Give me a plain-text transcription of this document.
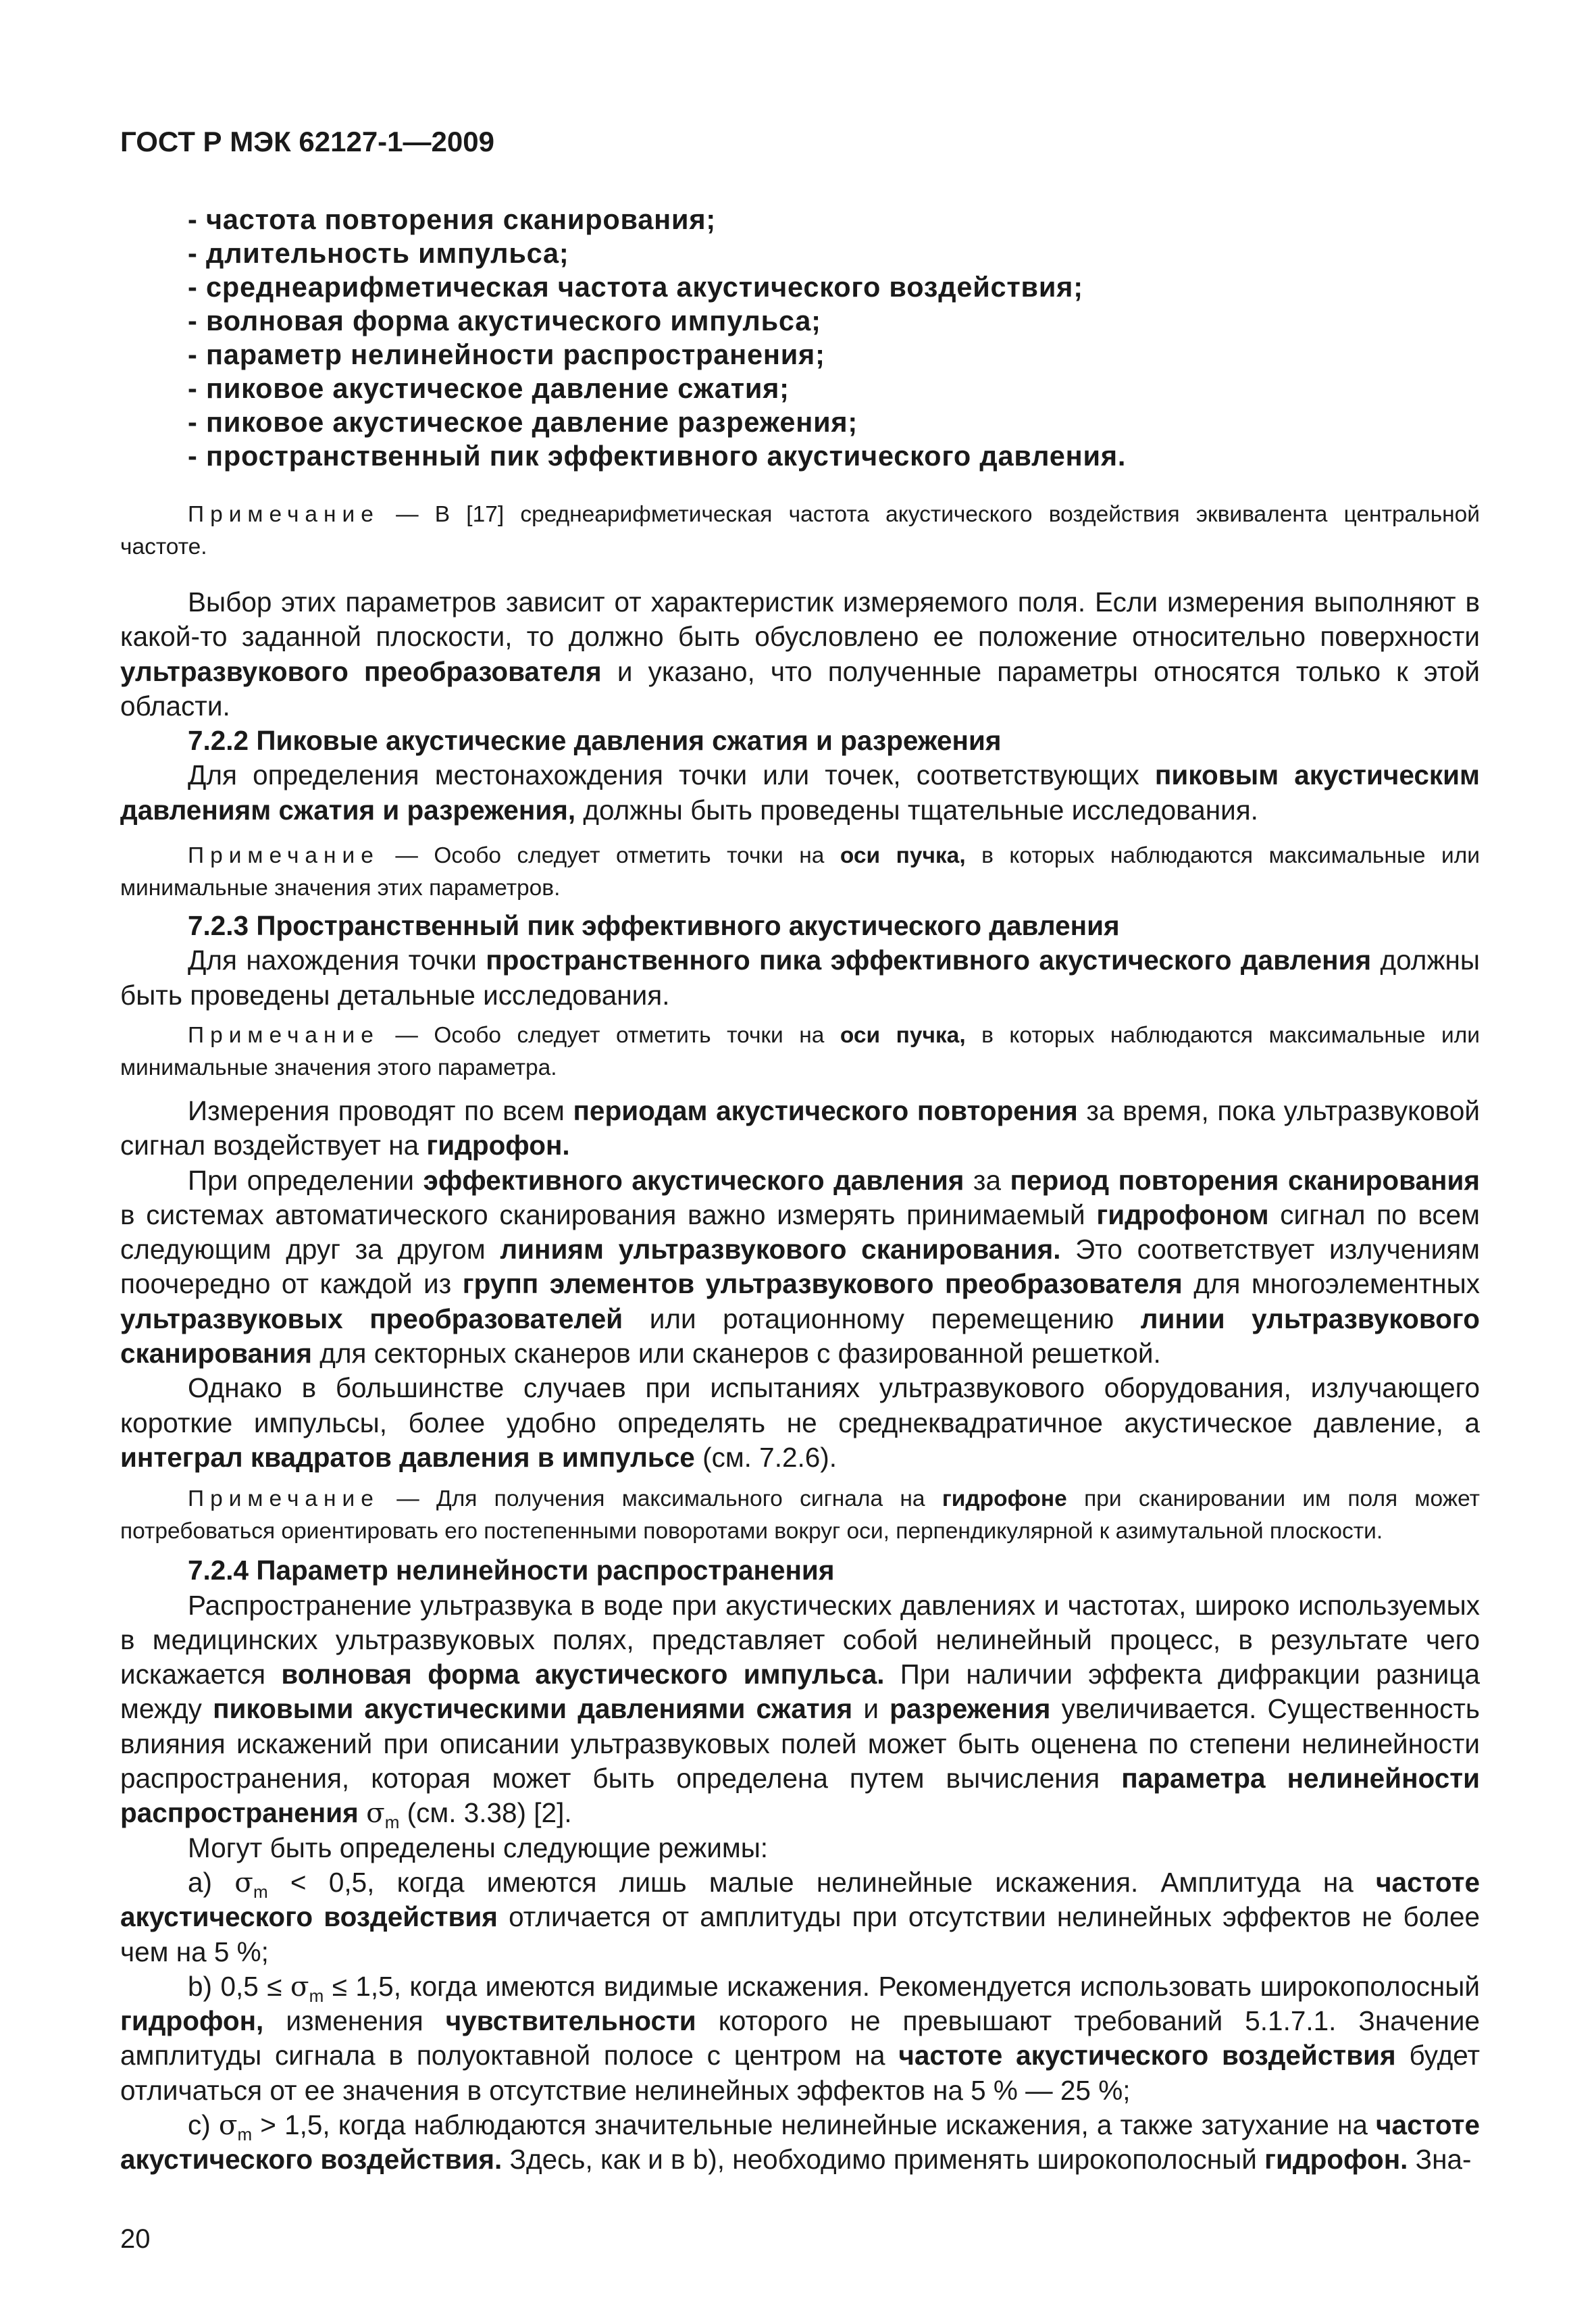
ГОСТ Р МЭК 62127-1—2009
- частота повторения сканирования;
- длительность импульса;
- среднеарифметическая частота акустического воздействия;
- волновая форма акустического импульса;
- параметр нелинейности распространения;
- пиковое акустическое давление сжатия;
- пиковое акустическое давление разрежения;
- пространственный пик эффективного акустического давления.

Примечание — В [17] среднеарифметическая частота акустического воздействия эквивалента центральной частоте.

Выбор этих параметров зависит от характеристик измеряемого поля. Если измерения выполняют в какой-то заданной плоскости, то должно быть обусловлено ее положение относительно поверхности ультразвукового преобразователя и указано, что полученные параметры относятся только к этой области.

7.2.2 Пиковые акустические давления сжатия и разрежения

Для определения местонахождения точки или точек, соответствующих пиковым акустическим давлениям сжатия и разрежения, должны быть проведены тщательные исследования.

Примечание — Особо следует отметить точки на оси пучка, в которых наблюдаются максимальные или минимальные значения этих параметров.

7.2.3 Пространственный пик эффективного акустического давления

Для нахождения точки пространственного пика эффективного акустического давления должны быть проведены детальные исследования.

Примечание — Особо следует отметить точки на оси пучка, в которых наблюдаются максимальные или минимальные значения этого параметра.

Измерения проводят по всем периодам акустического повторения за время, пока ультразвуковой сигнал воздействует на гидрофон.

При определении эффективного акустического давления за период повторения сканирования в системах автоматического сканирования важно измерять принимаемый гидрофоном сигнал по всем следующим друг за другом линиям ультразвукового сканирования. Это соответствует излучениям поочередно от каждой из групп элементов ультразвукового преобразователя для многоэлементных ультразвуковых преобразователей или ротационному перемещению линии ультразвукового сканирования для секторных сканеров или сканеров с фазированной решеткой.

Однако в большинстве случаев при испытаниях ультразвукового оборудования, излучающего короткие импульсы, более удобно определять не среднеквадратичное акустическое давление, а интеграл квадратов давления в импульсе (см. 7.2.6).

Примечание — Для получения максимального сигнала на гидрофоне при сканировании им поля может потребоваться ориентировать его постепенными поворотами вокруг оси, перпендикулярной к азимутальной плоскости.

7.2.4 Параметр нелинейности распространения

Распространение ультразвука в воде при акустических давлениях и частотах, широко используемых в медицинских ультразвуковых полях, представляет собой нелинейный процесс, в результате чего искажается волновая форма акустического импульса. При наличии эффекта дифракции разница между пиковыми акустическими давлениями сжатия и разрежения увеличивается. Существенность влияния искажений при описании ультразвуковых полей может быть оценена по степени нелинейности распространения, которая может быть определена путем вычисления параметра нелинейности распространения $\sigma_m$ (см. 3.38) [2].

Могут быть определены следующие режимы:

a) $\sigma_m < 0,5$, когда имеются лишь малые нелинейные искажения. Амплитуда на частоте акустического воздействия отличается от амплитуды при отсутствии нелинейных эффектов не более чем на 5 %;

b) $0,5 \le \sigma_m \le 1,5$, когда имеются видимые искажения. Рекомендуется использовать широкополосный гидрофон, изменения чувствительности которого не превышают требований 5.1.7.1. Значение амплитуды сигнала в полуоктавной полосе с центром на частоте акустического воздействия будет отличаться от ее значения в отсутствие нелинейных эффектов на 5 % — 25 %;

c) $\sigma_m > 1,5$, когда наблюдаются значительные нелинейные искажения, а также затухание на частоте акустического воздействия. Здесь, как и в b), необходимо применять широкополосный гидрофон. Зна-

20
